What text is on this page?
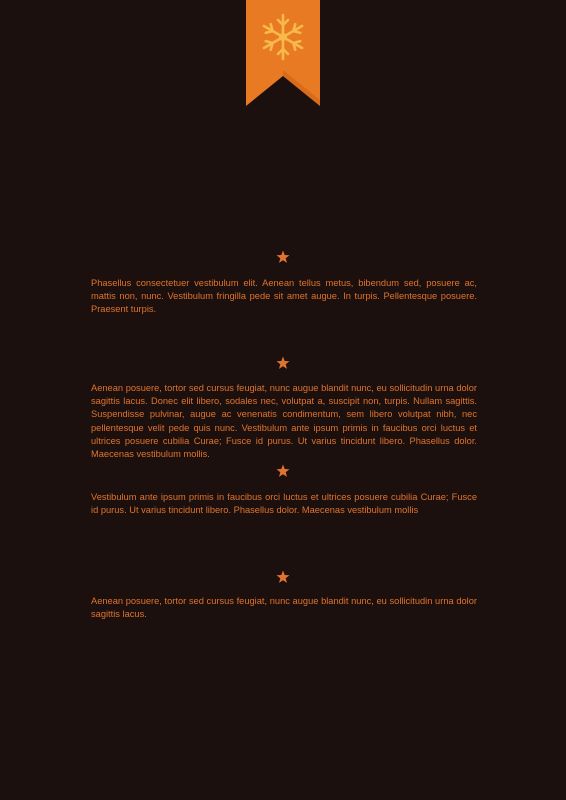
Phasellus consectetuer vestibulum elit. Aenean tellus metus, bibendum sed, posuere ac, mattis non, nunc. Vestibulum fringilla pede sit amet augue. In turpis. Pellentesque posuere. Praesent turpis.

Aenean posuere, tortor sed cursus feugiat, nunc augue blandit nunc, eu sollicitudin urna dolor sagittis lacus. Donec elit libero, sodales nec, volutpat a, suscipit non, turpis. Nullam sagittis. Suspendisse pulvinar, augue ac venenatis condimentum, sem libero volutpat nibh, nec pellentesque velit pede quis nunc. Vestibulum ante ipsum primis in faucibus orci luctus et ultrices posuere cubilia Curae; Fusce id purus. Ut varius tincidunt libero. Phasellus dolor. Maecenas vestibulum mollis.

Vestibulum ante ipsum primis in faucibus orci luctus et ultrices posuere cubilia Curae; Fusce id purus. Ut varius tincidunt libero. Phasellus dolor. Maecenas vestibulum mollis

Aenean posuere, tortor sed cursus feugiat, nunc augue blandit nunc, eu sollicitudin urna dolor sagittis lacus.
